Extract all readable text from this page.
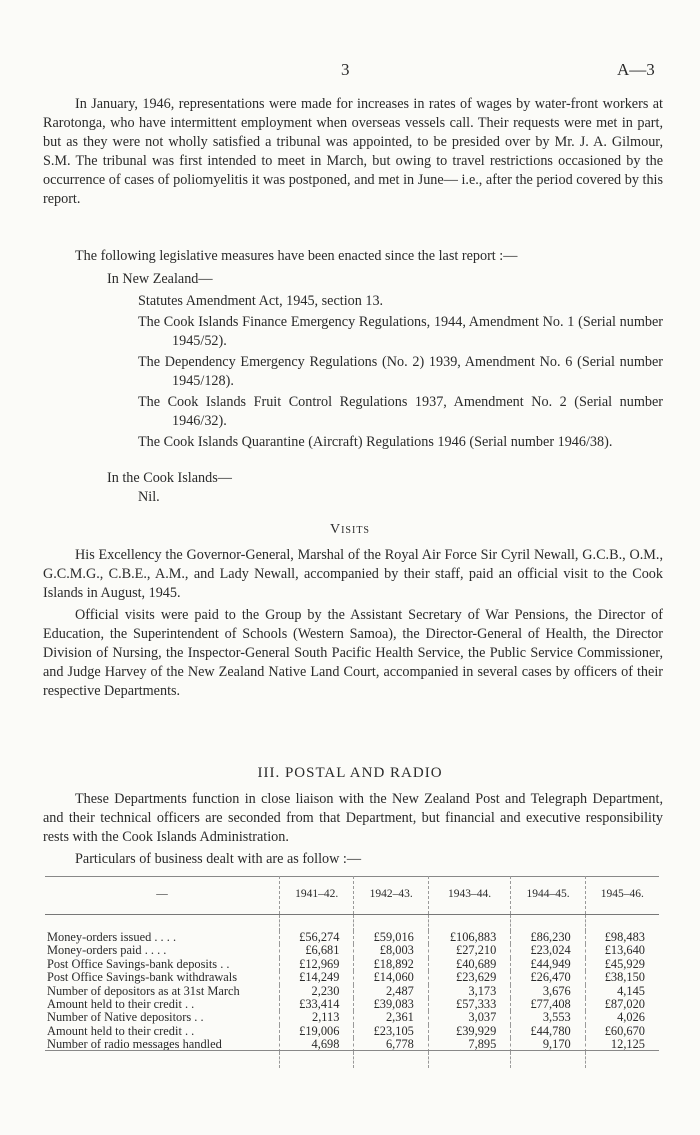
3	A—3

In January, 1946, representations were made for increases in rates of wages by water-front workers at Rarotonga, who have intermittent employment when overseas vessels call. Their requests were met in part, but as they were not wholly satisfied a tribunal was appointed, to be presided over by Mr. J. A. Gilmour, S.M. The tribunal was first intended to meet in March, but owing to travel restrictions occasioned by the occurrence of cases of poliomyelitis it was postponed, and met in June— i.e., after the period covered by this report.

The following legislative measures have been enacted since the last report :—

In New Zealand—

Statutes Amendment Act, 1945, section 13.

The Cook Islands Finance Emergency Regulations, 1944, Amendment No. 1 (Serial number 1945/52).

The Dependency Emergency Regulations (No. 2) 1939, Amendment No. 6 (Serial number 1945/128).

The Cook Islands Fruit Control Regulations 1937, Amendment No. 2 (Serial number 1946/32).

The Cook Islands Quarantine (Aircraft) Regulations 1946 (Serial number 1946/38).

In the Cook Islands—

Nil.

Visits

His Excellency the Governor-General, Marshal of the Royal Air Force Sir Cyril Newall, G.C.B., O.M., G.C.M.G., C.B.E., A.M., and Lady Newall, accompanied by their staff, paid an official visit to the Cook Islands in August, 1945.

Official visits were paid to the Group by the Assistant Secretary of War Pensions, the Director of Education, the Superintendent of Schools (Western Samoa), the Director-General of Health, the Director Division of Nursing, the Inspector-General South Pacific Health Service, the Public Service Commissioner, and Judge Harvey of the New Zealand Native Land Court, accompanied in several cases by officers of their respective Departments.

III. POSTAL AND RADIO

These Departments function in close liaison with the New Zealand Post and Telegraph Department, and their technical officers are seconded from that Department, but financial and executive responsibility rests with the Cook Islands Administration.

Particulars of business dealt with are as follow :—

—	1941–42.	1942–43.	1943–44.	1944–45.	1945–46.

Money-orders issued . . . .	£56,274	£59,016	£106,883	£86,230	£98,483
Money-orders paid . . . .	£6,681	£8,003	£27,210	£23,024	£13,640
Post Office Savings-bank deposits . .	£12,969	£18,892	£40,689	£44,949	£45,929
Post Office Savings-bank withdrawals	£14,249	£14,060	£23,629	£26,470	£38,150
Number of depositors as at 31st March	2,230	2,487	3,173	3,676	4,145
Amount held to their credit . .	£33,414	£39,083	£57,333	£77,408	£87,020
Number of Native depositors . .	2,113	2,361	3,037	3,553	4,026
Amount held to their credit . .	£19,006	£23,105	£39,929	£44,780	£60,670
Number of radio messages handled	4,698	6,778	7,895	9,170	12,125
